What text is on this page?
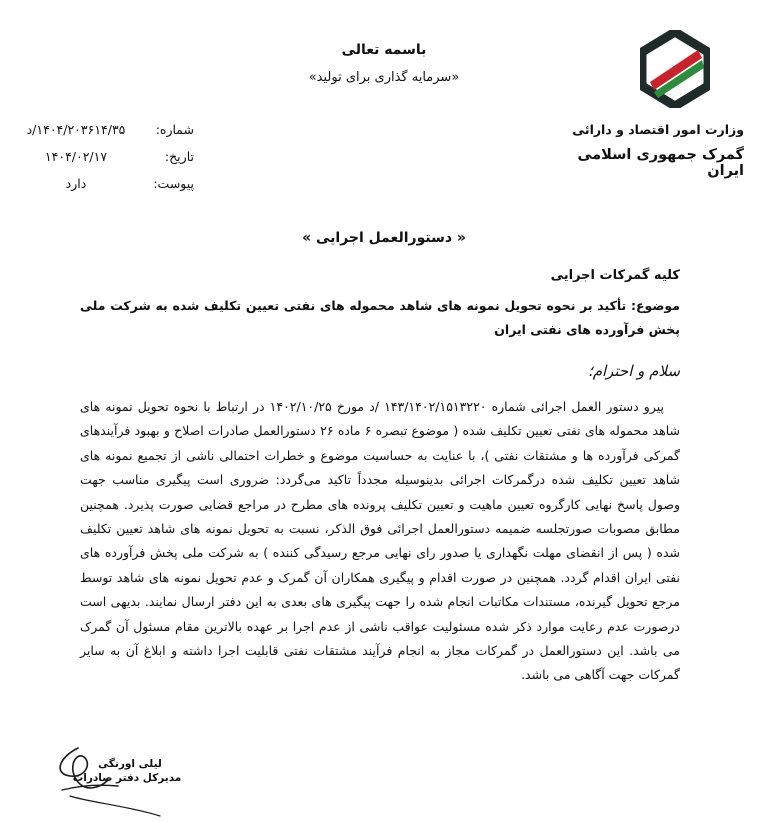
باسمه تعالی
«سرمایه گذاری برای تولید»
وزارت امور اقتصاد و دارائی
گمرک جمهوری اسلامی ایران
شماره:
۱۴۰۴/۲۰۳۶۱۴/۳۵/د
تاریخ:
۱۴۰۴/۰۲/۱۷
پیوست:
دارد
« دستورالعمل اجرایی »
کلیه گمرکات اجرایی
موضوع: تأکید بر نحوه تحویل نمونه های شاهد محموله های نفتی تعیین تکلیف شده به شرکت ملی پخش فرآورده های نفتی ایران
سلام و احترام؛

پیرو دستور العمل اجرائی شماره ۱۴۳/۱۴۰۲/۱۵۱۳۲۲۰ /د مورخ ۱۴۰۲/۱۰/۲۵ در ارتباط با نحوه تحویل نمونه های شاهد محموله های نفتی تعیین تکلیف شده ( موضوع تبصره ۶ ماده ۲۶ دستورالعمل صادرات اصلاح و بهبود فرآیندهای گمرکی فرآورده ها و مشتقات نفتی )، با عنایت به حساسیت موضوع و خطرات احتمالی ناشی از تجمیع نمونه های شاهد تعیین تکلیف شده درگمرکات اجرائی بدینوسیله مجدداً تاکید می‌گردد: ضروری است پیگیری مناسب جهت وصول پاسخ نهایی کارگروه تعیین ماهیت و تعیین تکلیف پرونده های مطرح در مراجع قضایی صورت پذیرد. همچنین مطابق مصوبات صورتجلسه ضمیمه دستورالعمل اجرائی فوق الذکر، نسبت به تحویل نمونه های شاهد تعیین تکلیف شده ( پس از انقضای مهلت نگهداری یا صدور رای نهایی مرجع رسیدگی کننده ) به شرکت ملی پخش فرآورده های نفتی ایران اقدام گردد. همچنین در صورت اقدام و پیگیری همکاران آن گمرک و عدم تحویل نمونه های شاهد توسط مرجع تحویل گیرنده، مستندات مکاتبات انجام شده را جهت پیگیری های بعدی به این دفتر ارسال نمایند. بدیهی است درصورت عدم رعایت موارد ذکر شده مسئولیت عواقب ناشی از عدم اجرا بر عهده بالاترین مقام مسئول آن گمرک می باشد. این دستورالعمل در گمرکات مجاز به انجام فرآیند مشتقات نفتی قابلیت اجرا داشته و ابلاغ آن به سایر گمرکات جهت آگاهی می باشد.

لیلی اورنگی
مدیرکل دفتر صادرات
